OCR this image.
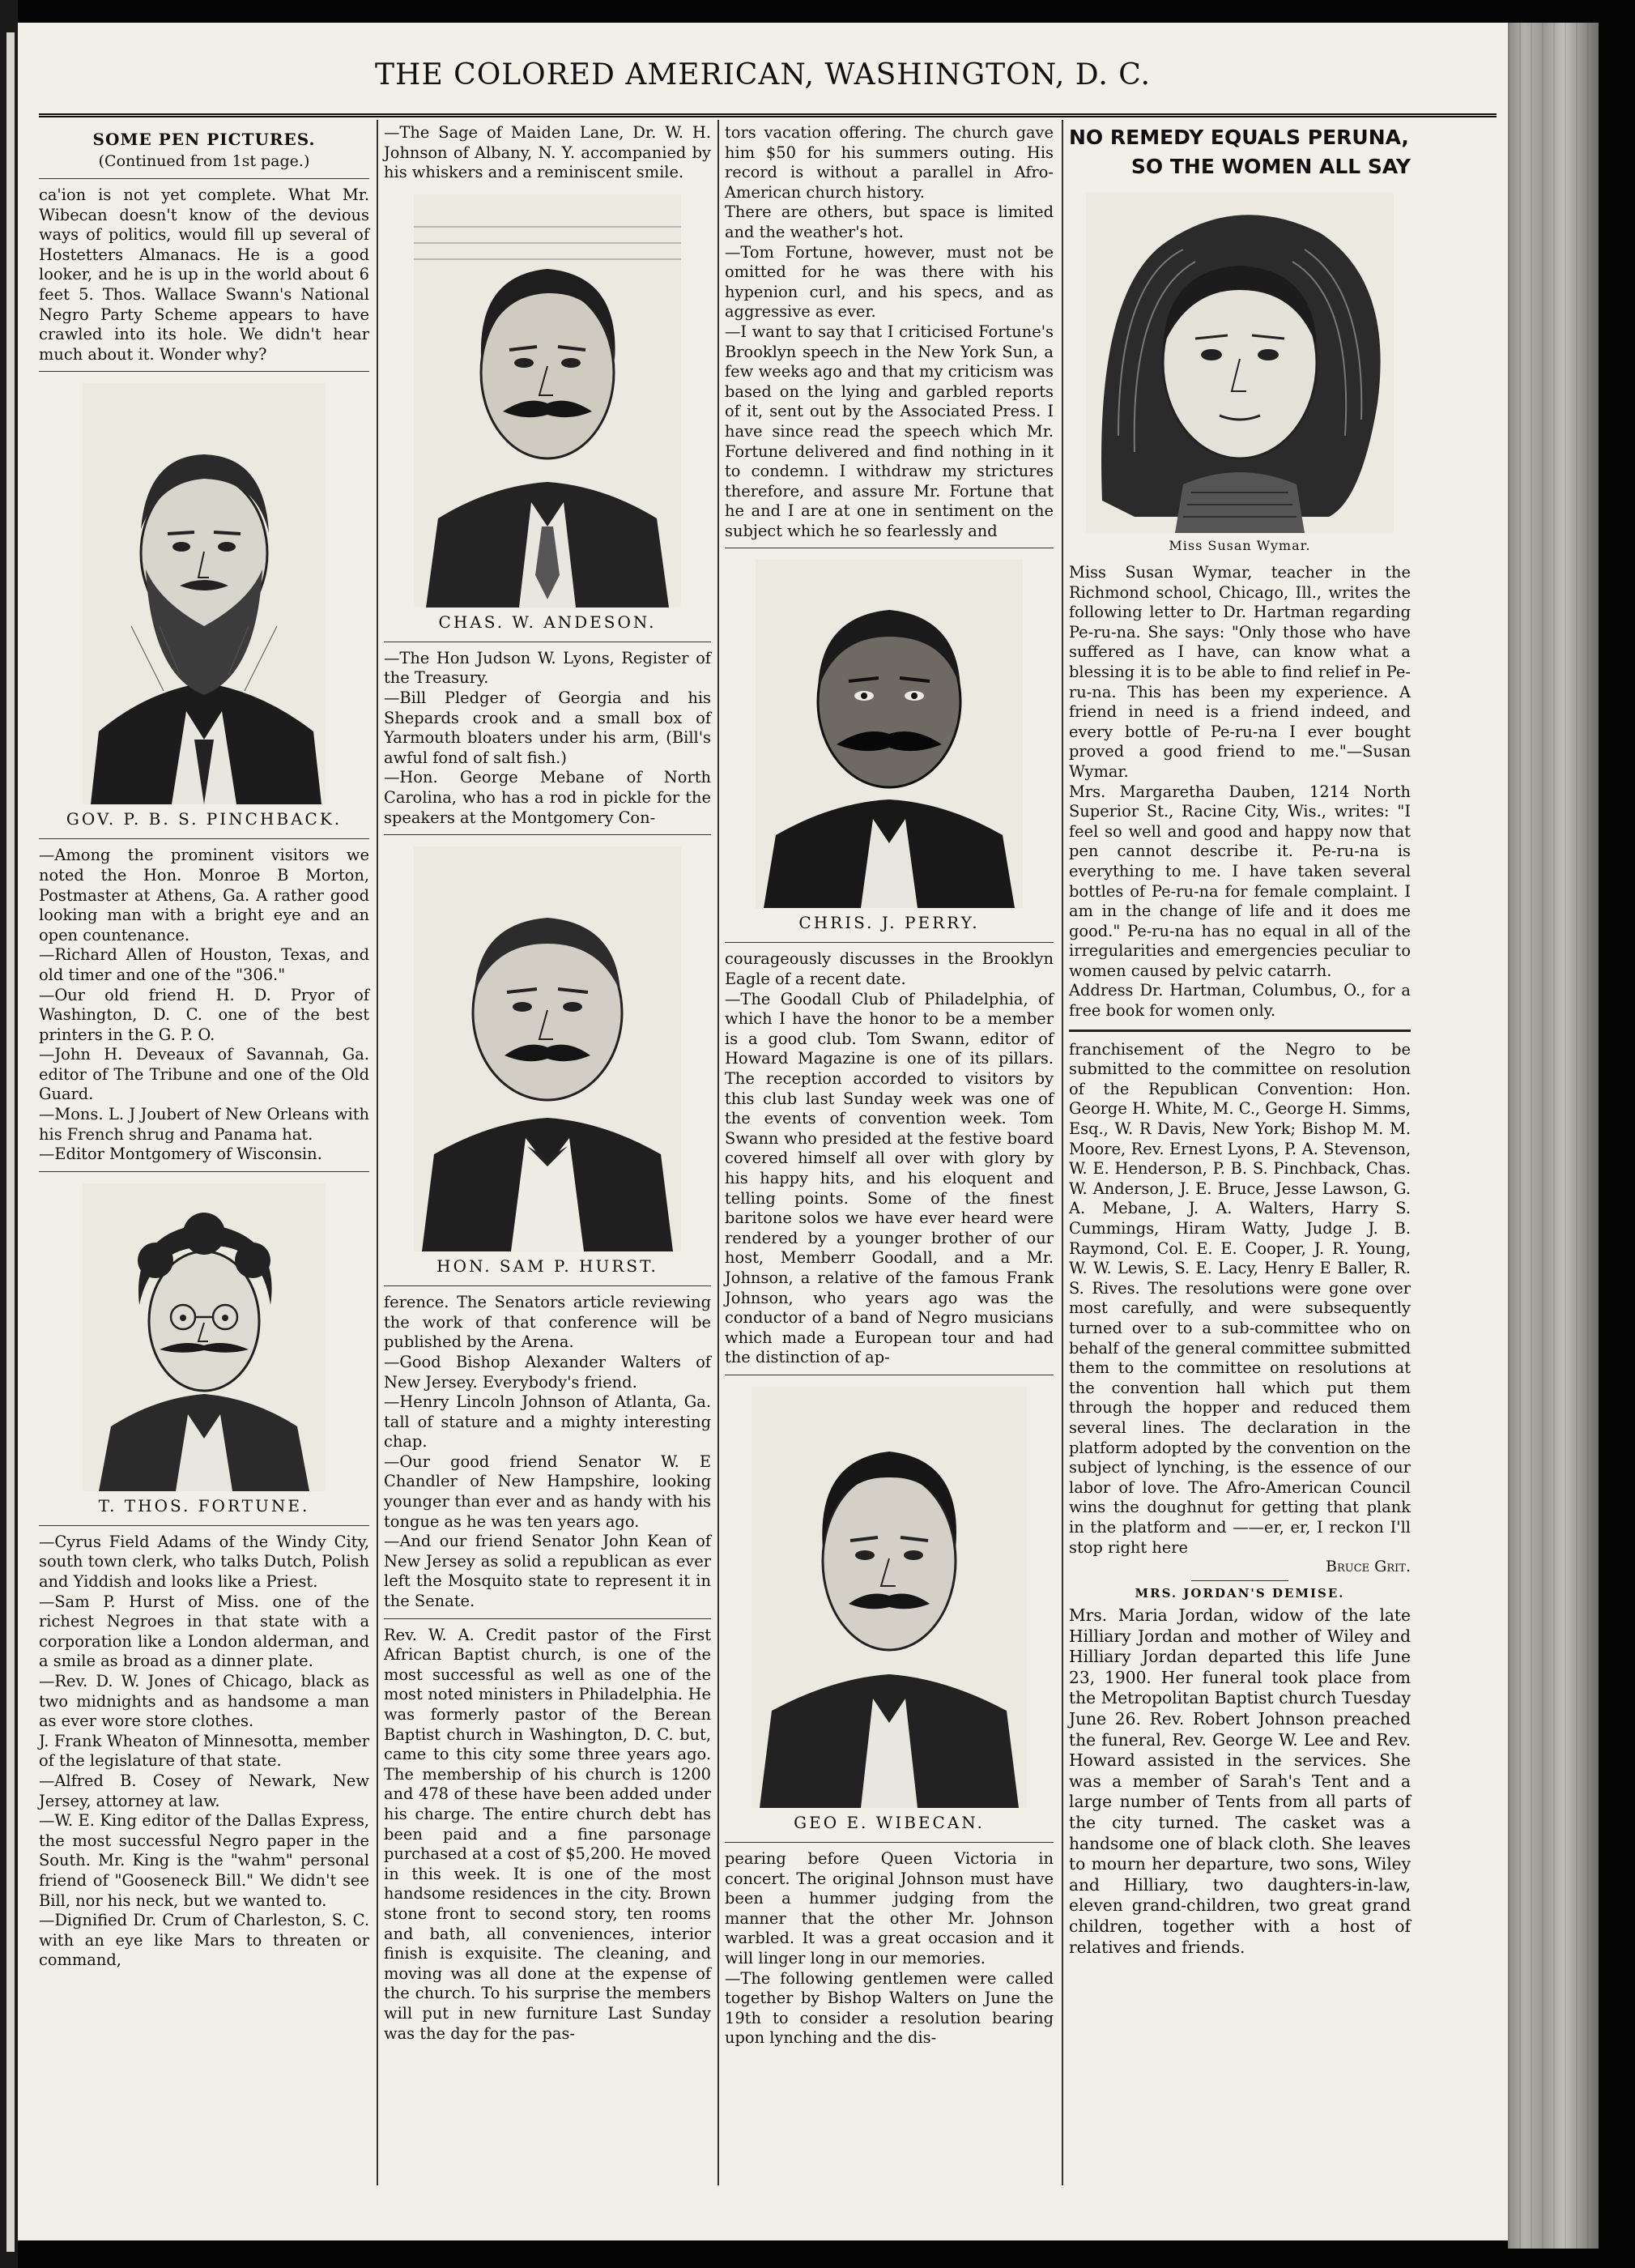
THE COLORED AMERICAN, WASHINGTON, D. C.
SOME PEN PICTURES.
(Continued from 1st page.)

ca'ion is not yet complete. What Mr. Wibecan doesn't know of the devious ways of politics, would fill up several of Hostetters Almanacs. He is a good looker, and he is up in the world about 6 feet 5. Thos. Wallace Swann's National Negro Party Scheme appears to have crawled into its hole. We didn't hear much about it. Wonder why?

GOV. P. B. S. PINCHBACK.

—Among the prominent visitors we noted the Hon. Monroe B Morton, Postmaster at Athens, Ga. A rather good looking man with a bright eye and an open countenance.

—Richard Allen of Houston, Texas, and old timer and one of the "306."

—Our old friend H. D. Pryor of Washington, D. C. one of the best printers in the G. P. O.

—John H. Deveaux of Savannah, Ga. editor of The Tribune and one of the Old Guard.

—Mons. L. J Joubert of New Orleans with his French shrug and Panama hat.

—Editor Montgomery of Wisconsin.

T. THOS. FORTUNE.

—Cyrus Field Adams of the Windy City, south town clerk, who talks Dutch, Polish and Yiddish and looks like a Priest.

—Sam P. Hurst of Miss. one of the richest Negroes in that state with a corporation like a London alderman, and a smile as broad as a dinner plate.

—Rev. D. W. Jones of Chicago, black as two midnights and as handsome a man as ever wore store clothes.

J. Frank Wheaton of Minnesotta, member of the legislature of that state.

—Alfred B. Cosey of Newark, New Jersey, attorney at law.

—W. E. King editor of the Dallas Express, the most successful Negro paper in the South. Mr. King is the "wahm" personal friend of "Gooseneck Bill." We didn't see Bill, nor his neck, but we wanted to.

—Dignified Dr. Crum of Charleston, S. C. with an eye like Mars to threaten or command,

—The Sage of Maiden Lane, Dr. W. H. Johnson of Albany, N. Y. accompanied by his whiskers and a reminiscent smile.

CHAS. W. ANDESON.

—The Hon Judson W. Lyons, Register of the Treasury.

—Bill Pledger of Georgia and his Shepards crook and a small box of Yarmouth bloaters under his arm, (Bill's awful fond of salt fish.)

—Hon. George Mebane of North Carolina, who has a rod in pickle for the speakers at the Montgomery Con-

HON. SAM P. HURST.

ference. The Senators article reviewing the work of that conference will be published by the Arena.

—Good Bishop Alexander Walters of New Jersey. Everybody's friend.

—Henry Lincoln Johnson of Atlanta, Ga. tall of stature and a mighty interesting chap.

—Our good friend Senator W. E Chandler of New Hampshire, looking younger than ever and as handy with his tongue as he was ten years ago.

—And our friend Senator John Kean of New Jersey as solid a republican as ever left the Mosquito state to represent it in the Senate.

Rev. W. A. Credit pastor of the First African Baptist church, is one of the most successful as well as one of the most noted ministers in Philadelphia. He was formerly pastor of the Berean Baptist church in Washington, D. C. but, came to this city some three years ago. The membership of his church is 1200 and 478 of these have been added under his charge. The entire church debt has been paid and a fine parsonage purchased at a cost of $5,200. He moved in this week. It is one of the most handsome residences in the city. Brown stone front to second story, ten rooms and bath, all conveniences, interior finish is exquisite. The cleaning, and moving was all done at the expense of the church. To his surprise the members will put in new furniture Last Sunday was the day for the pas-

tors vacation offering. The church gave him $50 for his summers outing. His record is without a parallel in Afro-American church history.

There are others, but space is limited and the weather's hot.

—Tom Fortune, however, must not be omitted for he was there with his hypenion curl, and his specs, and as aggressive as ever.

—I want to say that I criticised Fortune's Brooklyn speech in the New York Sun, a few weeks ago and that my criticism was based on the lying and garbled reports of it, sent out by the Associated Press. I have since read the speech which Mr. Fortune delivered and find nothing in it to condemn. I withdraw my strictures therefore, and assure Mr. Fortune that he and I are at one in sentiment on the subject which he so fearlessly and

CHRIS. J. PERRY.

courageously discusses in the Brooklyn Eagle of a recent date.

—The Goodall Club of Philadelphia, of which I have the honor to be a member is a good club. Tom Swann, editor of Howard Magazine is one of its pillars. The reception accorded to visitors by this club last Sunday week was one of the events of convention week. Tom Swann who presided at the festive board covered himself all over with glory by his happy hits, and his eloquent and telling points. Some of the finest baritone solos we have ever heard were rendered by a younger brother of our host, Memberr Goodall, and a Mr. Johnson, a relative of the famous Frank Johnson, who years ago was the conductor of a band of Negro musicians which made a European tour and had the distinction of ap-

GEO E. WIBECAN.

pearing before Queen Victoria in concert. The original Johnson must have been a hummer judging from the manner that the other Mr. Johnson warbled. It was a great occasion and it will linger long in our memories.

—The following gentlemen were called together by Bishop Walters on June the 19th to consider a resolution bearing upon lynching and the dis-

NO REMEDY EQUALS PERUNA,
SO THE WOMEN ALL SAY
Miss Susan Wymar.

Miss Susan Wymar, teacher in the Richmond school, Chicago, Ill., writes the following letter to Dr. Hartman regarding Pe-ru-na. She says: "Only those who have suffered as I have, can know what a blessing it is to be able to find relief in Pe-ru-na. This has been my experience. A friend in need is a friend indeed, and every bottle of Pe-ru-na I ever bought proved a good friend to me."—Susan Wymar.

Mrs. Margaretha Dauben, 1214 North Superior St., Racine City, Wis., writes: "I feel so well and good and happy now that pen cannot describe it. Pe-ru-na is everything to me. I have taken several bottles of Pe-ru-na for female complaint. I am in the change of life and it does me good." Pe-ru-na has no equal in all of the irregularities and emergencies peculiar to women caused by pelvic catarrh.

Address Dr. Hartman, Columbus, O., for a free book for women only.

franchisement of the Negro to be submitted to the committee on resolution of the Republican Convention: Hon. George H. White, M. C., George H. Simms, Esq., W. R Davis, New York; Bishop M. M. Moore, Rev. Ernest Lyons, P. A. Stevenson, W. E. Henderson, P. B. S. Pinchback, Chas. W. Anderson, J. E. Bruce, Jesse Lawson, G. A. Mebane, J. A. Walters, Harry S. Cummings, Hiram Watty, Judge J. B. Raymond, Col. E. E. Cooper, J. R. Young, W. W. Lewis, S. E. Lacy, Henry E Baller, R. S. Rives. The resolutions were gone over most carefully, and were subsequently turned over to a sub-committee who on behalf of the general committee submitted them to the committee on resolutions at the convention hall which put them through the hopper and reduced them several lines. The declaration in the platform adopted by the convention on the subject of lynching, is the essence of our labor of love. The Afro-American Council wins the doughnut for getting that plank in the platform and ——er, er, I reckon I'll stop right here

Bruce Grit.

MRS. JORDAN'S DEMISE.

Mrs. Maria Jordan, widow of the late Hilliary Jordan and mother of Wiley and Hilliary Jordan departed this life June 23, 1900. Her funeral took place from the Metropolitan Baptist church Tuesday June 26. Rev. Robert Johnson preached the funeral, Rev. George W. Lee and Rev. Howard assisted in the services. She was a member of Sarah's Tent and a large number of Tents from all parts of the city turned. The casket was a handsome one of black cloth. She leaves to mourn her departure, two sons, Wiley and Hilliary, two daughters-in-law, eleven grand-children, two great grand children, together with a host of relatives and friends.
